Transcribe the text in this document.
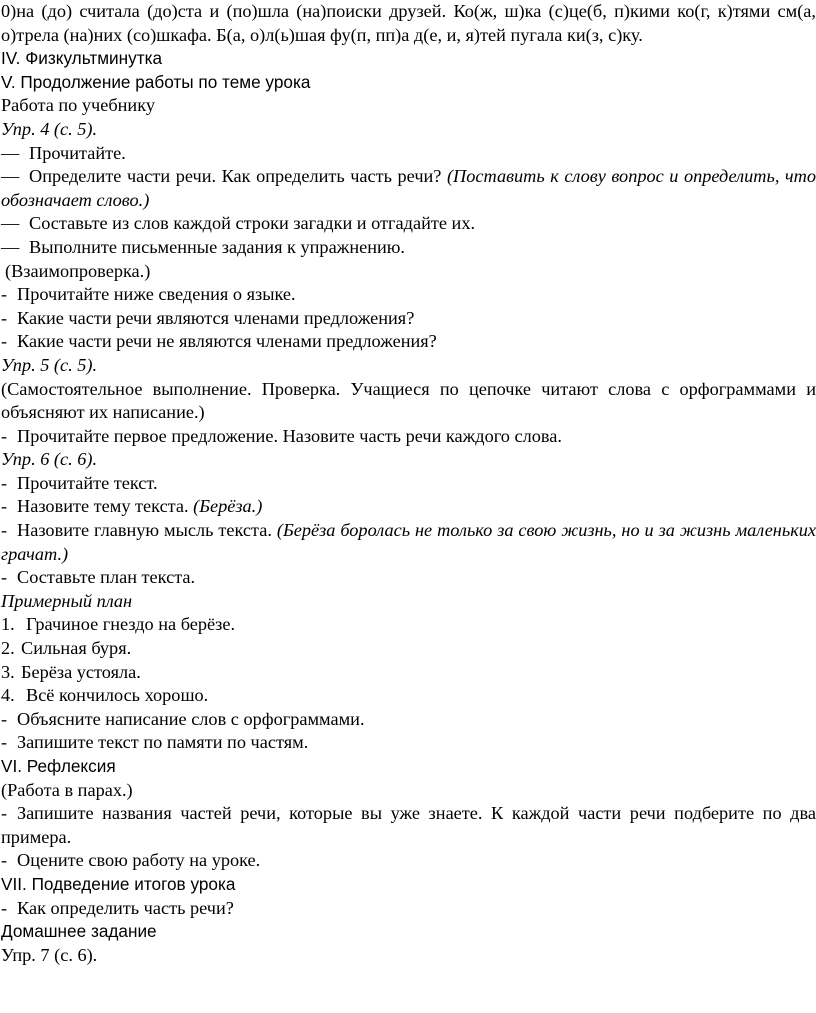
0)на (до) считала (до)ста и (по)шла (на)поиски друзей. Ко(ж, ш)ка (с)це(б, п)кими ко(г, к)тями см(а, о)трела (на)них (со)шкафа. Б(а, о)л(ь)шая фу(п, пп)а д(е, и, я)тей пугала ки(з, с)ку.

IV. Физкультминутка

V. Продолжение работы по теме урока

Работа по учебнику

Упр. 4 (с. 5).

— Прочитайте.

— Определите части речи. Как определить часть речи? (Поставить к слову вопрос и определить, что обозначает слово.)

— Составьте из слов каждой строки загадки и отгадайте их.

— Выполните письменные задания к упражнению.

(Взаимопроверка.)

- Прочитайте ниже сведения о языке.

- Какие части речи являются членами предложения?

- Какие части речи не являются членами предложения?

Упр. 5 (с. 5).

(Самостоятельное выполнение. Проверка. Учащиеся по цепочке читают слова с орфограммами и объясняют их написание.)

- Прочитайте первое предложение. Назовите часть речи каждого слова.

Упр. 6 (с. 6).

- Прочитайте текст.

- Назовите тему текста. (Берёза.)

- Назовите главную мысль текста. (Берёза боролась не только за свою жизнь, но и за жизнь маленьких грачат.)

- Составьте план текста.

Примерный план

1. Грачиное гнездо на берёзе.

2. Сильная буря.

3. Берёза устояла.

4. Всё кончилось хорошо.

- Объясните написание слов с орфограммами.

- Запишите текст по памяти по частям.

VI. Рефлексия

(Работа в парах.)

- Запишите названия частей речи, которые вы уже знаете. К каждой части речи подберите по два примера.

- Оцените свою работу на уроке.

VII. Подведение итогов урока

- Как определить часть речи?

Домашнее задание

Упр. 7 (с. 6).
